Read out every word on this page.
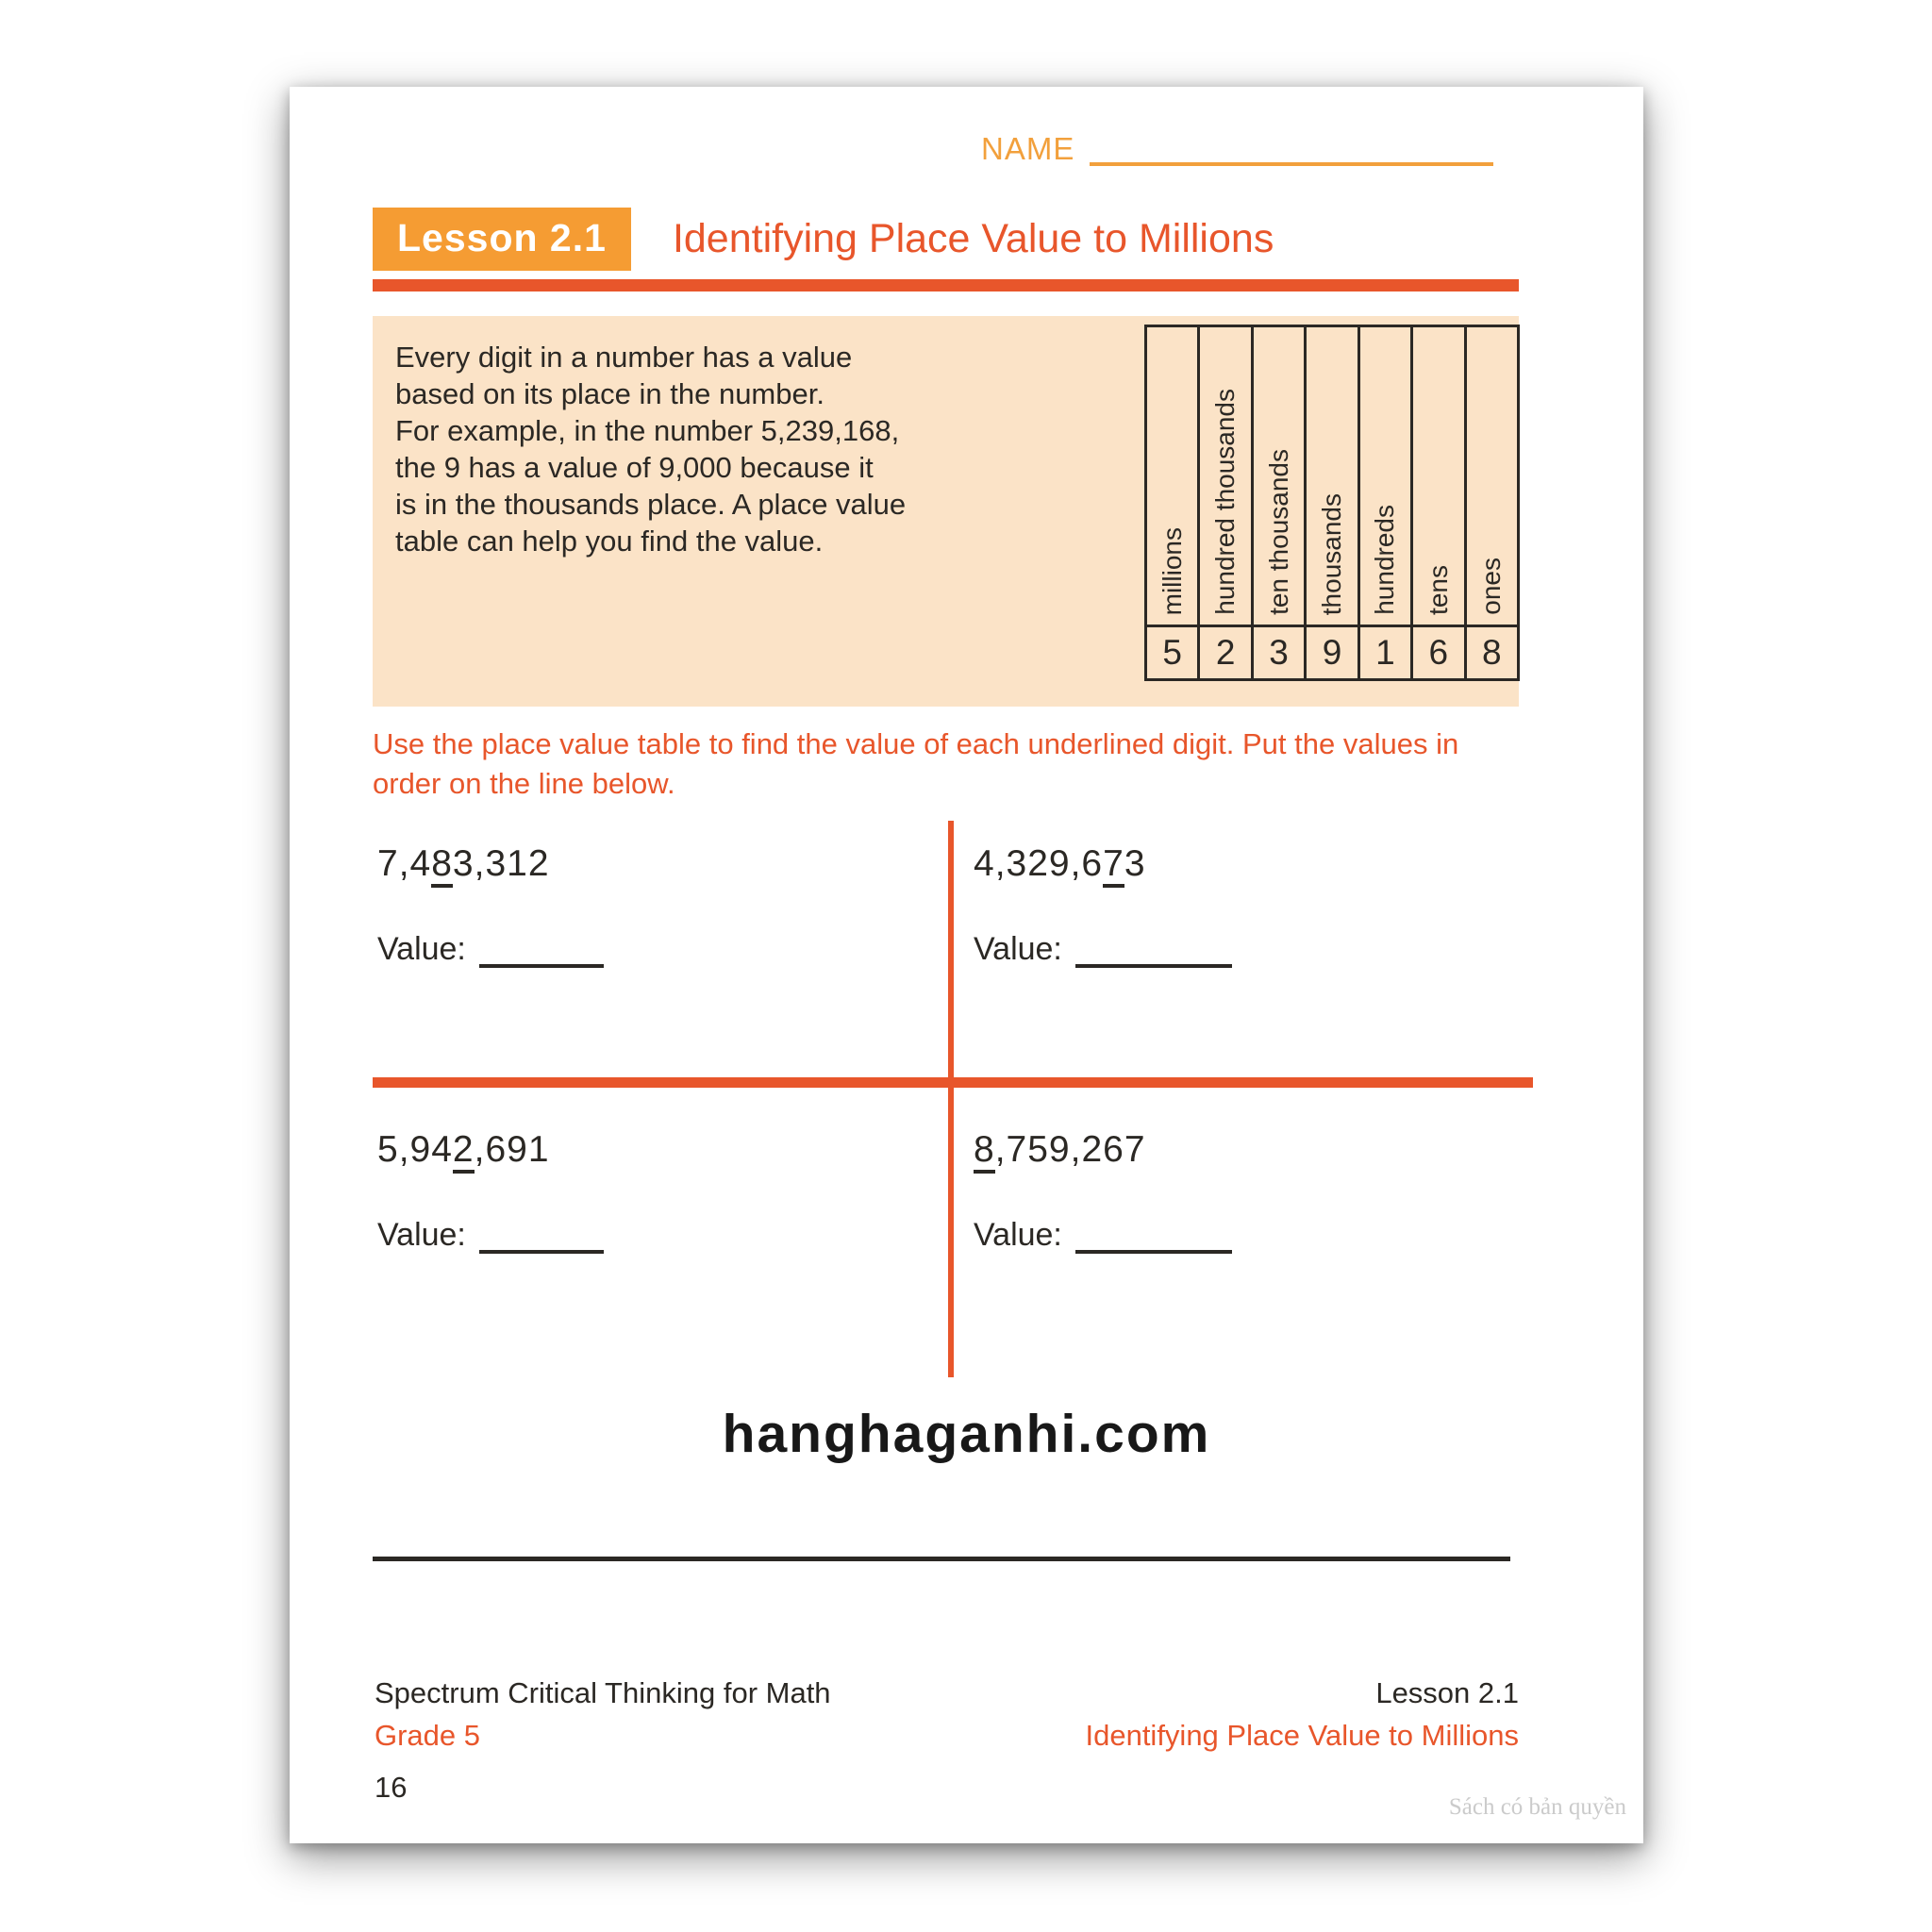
NAME
Lesson 2.1	Identifying Place Value to Millions
Every digit in a number has a value
based on its place in the number.
For example, in the number 5,239,168,
the 9 has a value of 9,000 because it
is in the thousands place. A place value
table can help you find the value.	millions
5
hundred thousands
2
ten thousands
3
thousands
9
hundreds
1
tens
6
ones
8
Use the place value table to find the value of each underlined digit. Put the values in
order on the line below.
7,483,312
Value:
4,329,673
Value:
5,942,691
Value:
8,759,267
Value:
hanghaganhi.com
Spectrum Critical Thinking for Math
Grade 5
16
Lesson 2.1
Identifying Place Value to Millions
Sách có bản quyền
